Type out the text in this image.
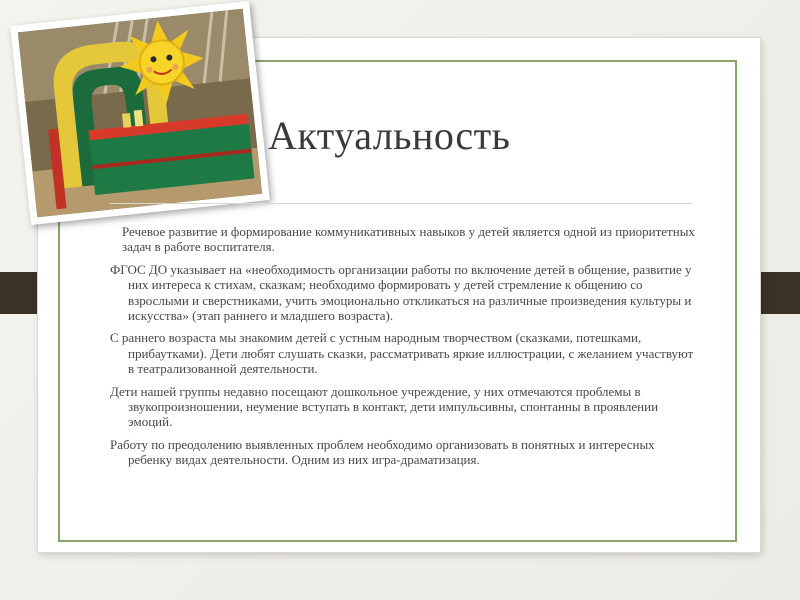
Актуальность

Речевое развитие и формирование коммуникативных навыков у детей является одной из приоритетных задач в работе воспитателя.

ФГОС ДО указывает на «необходимость организации работы по включение детей в общение, развитие у них интереса к стихам, сказкам; необходимо формировать у детей стремление к общению со взрослыми и сверстниками, учить эмоционально откликаться на различные произведения культуры и искусства» (этап раннего и младшего возраста).

С раннего возраста мы знакомим детей с устным народным творчеством (сказками, потешками, прибаутками). Дети любят слушать сказки, рассматривать яркие иллюстрации, с желанием участвуют в театрализованной деятельности.

Дети нашей группы недавно посещают дошкольное учреждение, у них отмечаются проблемы в звукопроизношении, неумение вступать в контакт, дети импульсивны, спонтанны в проявлении эмоций.

Работу по преодолению выявленных проблем необходимо организовать в понятных и интересных ребенку видах деятельности. Одним из них игра-драматизация.
